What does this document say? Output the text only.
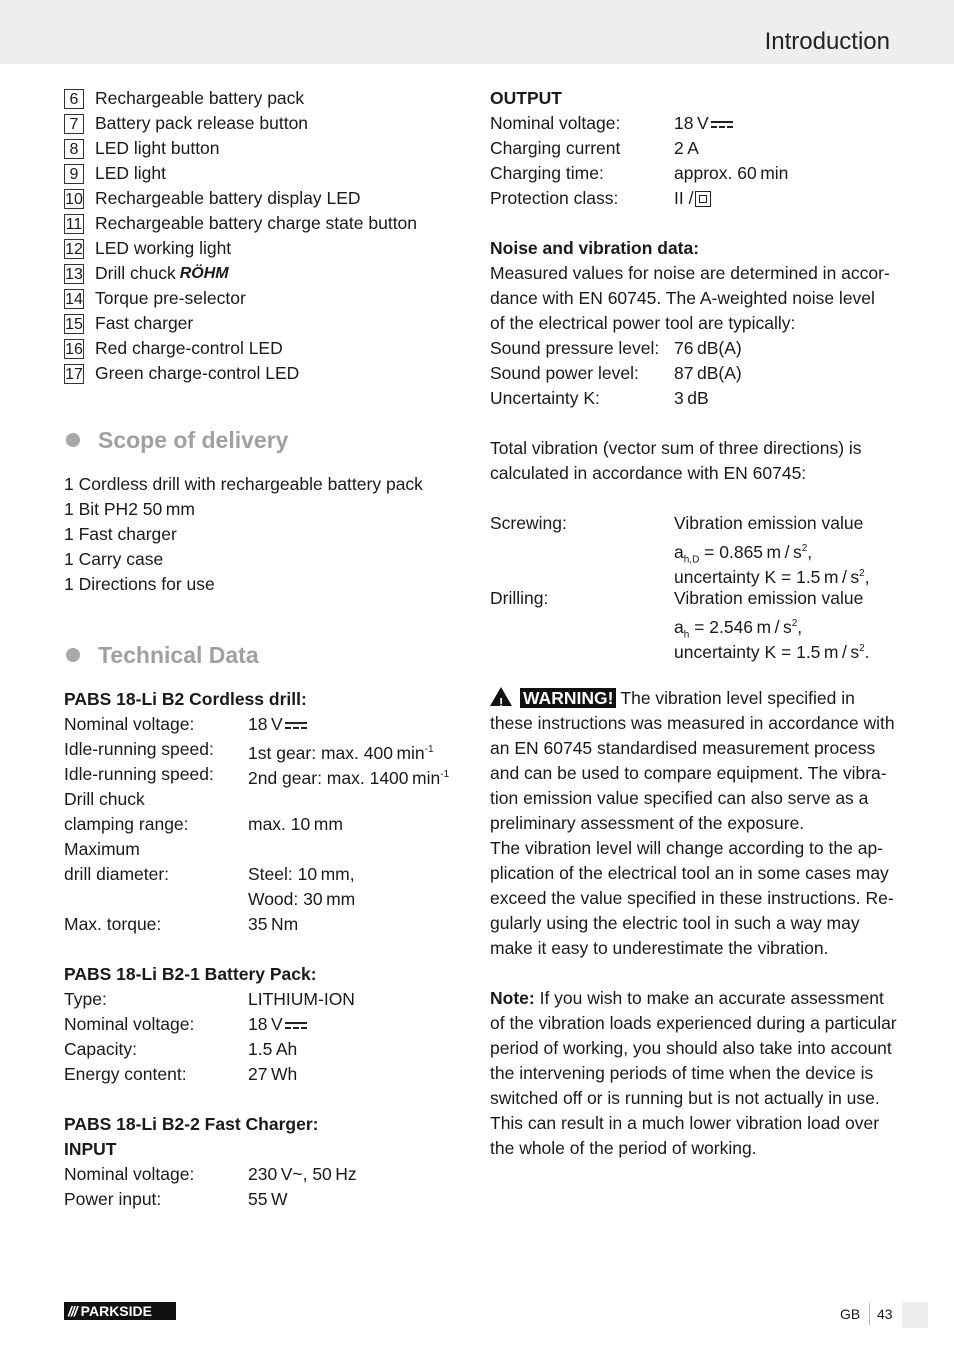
Introduction
6 Rechargeable battery pack
7 Battery pack release button
8 LED light button
9 LED light
10 Rechargeable battery display LED
11 Rechargeable battery charge state button
12 LED working light
13 Drill chuck RÖHM
14 Torque pre-selector
15 Fast charger
16 Red charge-control LED
17 Green charge-control LED
Scope of delivery
1 Cordless drill with rechargeable battery pack
1 Bit PH2 50 mm
1 Fast charger
1 Carry case
1 Directions for use
Technical Data
PABS 18-Li B2 Cordless drill:
Nominal voltage:	18 V
Idle-running speed:	1st gear: max. 400 $\min^{-1}$
Idle-running speed:	2nd gear: max. 1400 $\min^{-1}$
Drill chuck
clamping range:	max. 10 mm
Maximum
drill diameter:	Steel: 10 mm,
Wood: 30 mm
Max. torque:	35 Nm
PABS 18-Li B2-1 Battery Pack:
Type:	LITHIUM-ION
Nominal voltage:	18 V
Capacity:	1.5 Ah
Energy content:	27 Wh
PABS 18-Li B2-2 Fast Charger:
INPUT
Nominal voltage:	230 V~, 50 Hz
Power input:	55 W
OUTPUT
Nominal voltage:	18 V
Charging current	2 A
Charging time:	approx. 60 min
Protection class:	II /
Noise and vibration data:
Measured values for noise are determined in accor-
dance with EN 60745. The A-weighted noise level
of the electrical power tool are typically:
Sound pressure level: 76 dB(A)
Sound power level:	87 dB(A)
Uncertainty K:	3 dB
Total vibration (vector sum of three directions) is
calculated in accordance with EN 60745:
Screwing:	Vibration emission value
$a_{h,D} = 0.865$ m / $s^2$,
uncertainty K = 1.5 m / $s^2$,
Drilling:	Vibration emission value
$a_h = 2.546$ m / $s^2$,
uncertainty K = 1.5 m / $s^2$.
! WARNING! The vibration level specified in
these instructions was measured in accordance with
an EN 60745 standardised measurement process
and can be used to compare equipment. The vibra-
tion emission value specified can also serve as a
preliminary assessment of the exposure.
The vibration level will change according to the ap-
plication of the electrical tool an in some cases may
exceed the value specified in these instructions. Re-
gularly using the electric tool in such a way may
make it easy to underestimate the vibration.
Note: If you wish to make an accurate assessment
of the vibration loads experienced during a particular
period of working, you should also take into account
the intervening periods of time when the device is
switched off or is running but is not actually in use.
This can result in a much lower vibration load over
the whole of the period of working.
/// PARKSIDE	GB 43
